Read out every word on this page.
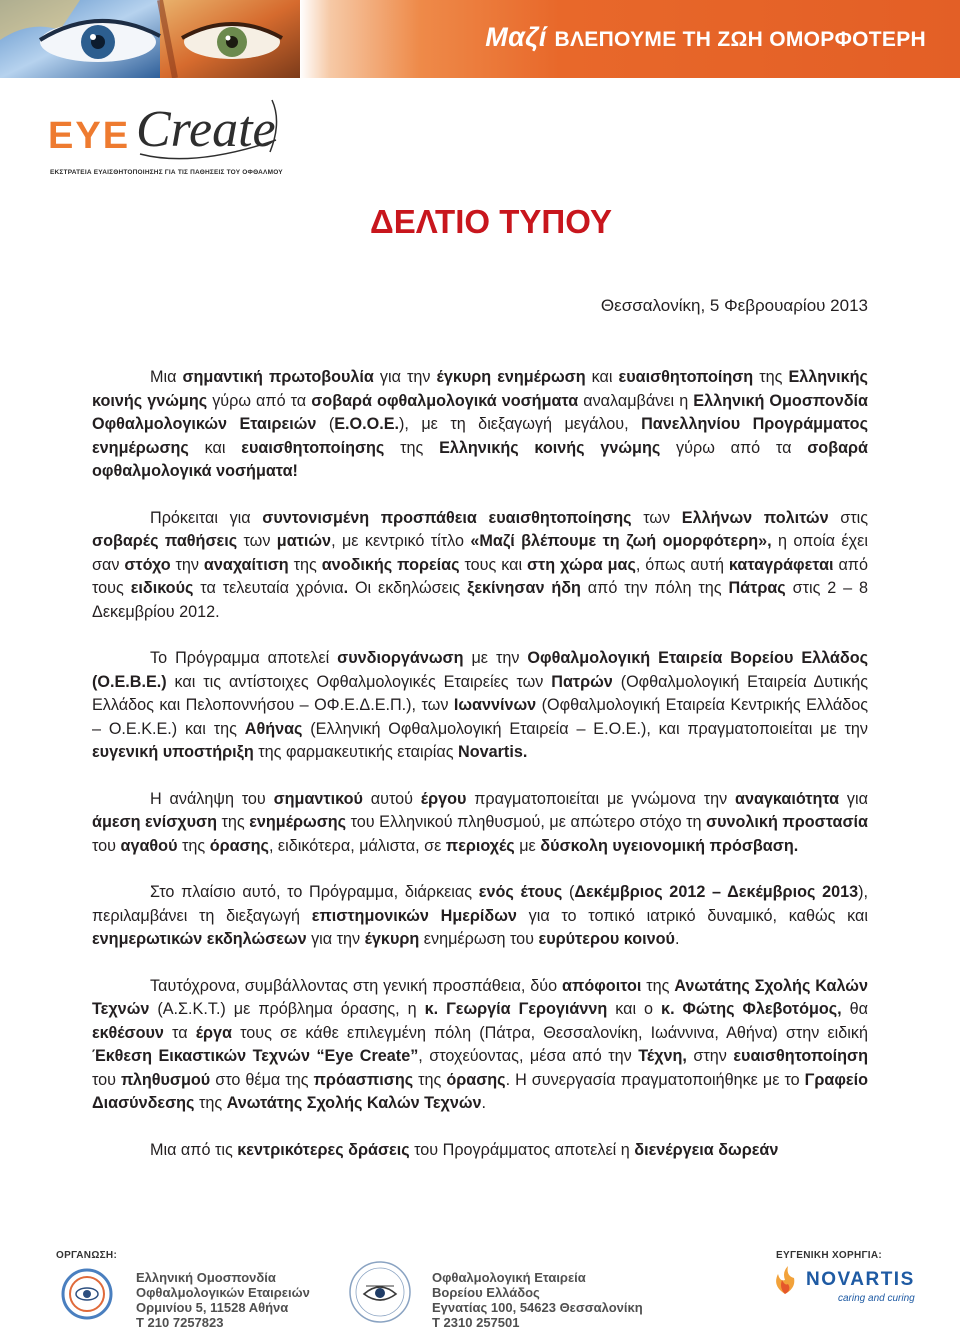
Μαζί ΒΛΕΠΟΥΜΕ ΤΗ ΖΩΗ ΟΜΟΡΦΟΤΕΡΗ
EYE Create
ΕΚΣΤΡΑΤΕΙΑ ΕΥΑΙΣΘΗΤΟΠΟΙΗΣΗΣ ΓΙΑ ΤΙΣ ΠΑΘΗΣΕΙΣ ΤΟΥ ΟΦΘΑΛΜΟΥ
ΔΕΛΤΙΟ ΤΥΠΟΥ
Θεσσαλονίκη, 5 Φεβρουαρίου 2013

Μια σημαντική πρωτοβουλία για την έγκυρη ενημέρωση και ευαισθητοποίηση της Ελληνικής κοινής γνώμης γύρω από τα σοβαρά οφθαλμολογικά νοσήματα αναλαμβάνει η Ελληνική Ομοσπονδία Οφθαλμολογικών Εταιρειών (Ε.Ο.Ο.Ε.), με τη διεξαγωγή μεγάλου, Πανελληνίου Προγράμματος ενημέρωσης και ευαισθητοποίησης της Ελληνικής κοινής γνώμης γύρω από τα σοβαρά οφθαλμολογικά νοσήματα!

Πρόκειται για συντονισμένη προσπάθεια ευαισθητοποίησης των Ελλήνων πολιτών στις σοβαρές παθήσεις των ματιών, με κεντρικό τίτλο «Μαζί βλέπουμε τη ζωή ομορφότερη», η οποία έχει σαν στόχο την αναχαίτιση της ανοδικής πορείας τους και στη χώρα μας, όπως αυτή καταγράφεται από τους ειδικούς τα τελευταία χρόνια. Οι εκδηλώσεις ξεκίνησαν ήδη από την πόλη της Πάτρας στις 2 – 8 Δεκεμβρίου 2012.

Το Πρόγραμμα αποτελεί συνδιοργάνωση με την Οφθαλμολογική Εταιρεία Βορείου Ελλάδος (Ο.Ε.Β.Ε.) και τις αντίστοιχες Οφθαλμολογικές Εταιρείες των Πατρών (Οφθαλμολογική Εταιρεία Δυτικής Ελλάδος και Πελοποννήσου – ΟΦ.Ε.Δ.Ε.Π.), των Ιωαννίνων (Οφθαλμολογική Εταιρεία Κεντρικής Ελλάδος – Ο.Ε.Κ.Ε.) και της Αθήνας (Ελληνική Οφθαλμολογική Εταιρεία – Ε.Ο.Ε.), και πραγματοποιείται με την ευγενική υποστήριξη της φαρμακευτικής εταιρίας Novartis.

Η ανάληψη του σημαντικού αυτού έργου πραγματοποιείται με γνώμονα την αναγκαιότητα για άμεση ενίσχυση της ενημέρωσης του Ελληνικού πληθυσμού, με απώτερο στόχο τη συνολική προστασία του αγαθού της όρασης, ειδικότερα, μάλιστα, σε περιοχές με δύσκολη υγειονομική πρόσβαση.

Στο πλαίσιο αυτό, το Πρόγραμμα, διάρκειας ενός έτους (Δεκέμβριος 2012 – Δεκέμβριος 2013), περιλαμβάνει τη διεξαγωγή επιστημονικών Ημερίδων για το τοπικό ιατρικό δυναμικό, καθώς και ενημερωτικών εκδηλώσεων για την έγκυρη ενημέρωση του ευρύτερου κοινού.

Ταυτόχρονα, συμβάλλοντας στη γενική προσπάθεια, δύο απόφοιτοι της Ανωτάτης Σχολής Καλών Τεχνών (Α.Σ.Κ.Τ.) με πρόβλημα όρασης, η κ. Γεωργία Γερογιάννη και ο κ. Φώτης Φλεβοτόμος, θα εκθέσουν τα έργα τους σε κάθε επιλεγμένη πόλη (Πάτρα, Θεσσαλονίκη, Ιωάννινα, Αθήνα) στην ειδική Έκθεση Εικαστικών Τεχνών “Eye Create”, στοχεύοντας, μέσα από την Τέχνη, στην ευαισθητοποίηση του πληθυσμού στο θέμα της πρόασπισης της όρασης. Η συνεργασία πραγματοποιήθηκε με το Γραφείο Διασύνδεσης της Ανωτάτης Σχολής Καλών Τεχνών.

Μια από τις κεντρικότερες δράσεις του Προγράμματος αποτελεί η διενέργεια δωρεάν

ΟΡΓΑΝΩΣΗ:
Ελληνική Ομοσπονδία
Οφθαλμολογικών Εταιρειών
Ορμινίου 5, 11528 Αθήνα
T 210 7257823
Οφθαλμολογική Εταιρεία
Βορείου Ελλάδος
Εγνατίας 100, 54623 Θεσσαλονίκη
T 2310 257501
ΕΥΓΕΝΙΚΗ ΧΟΡΗΓΙΑ:
NOVARTIS
caring and curing
